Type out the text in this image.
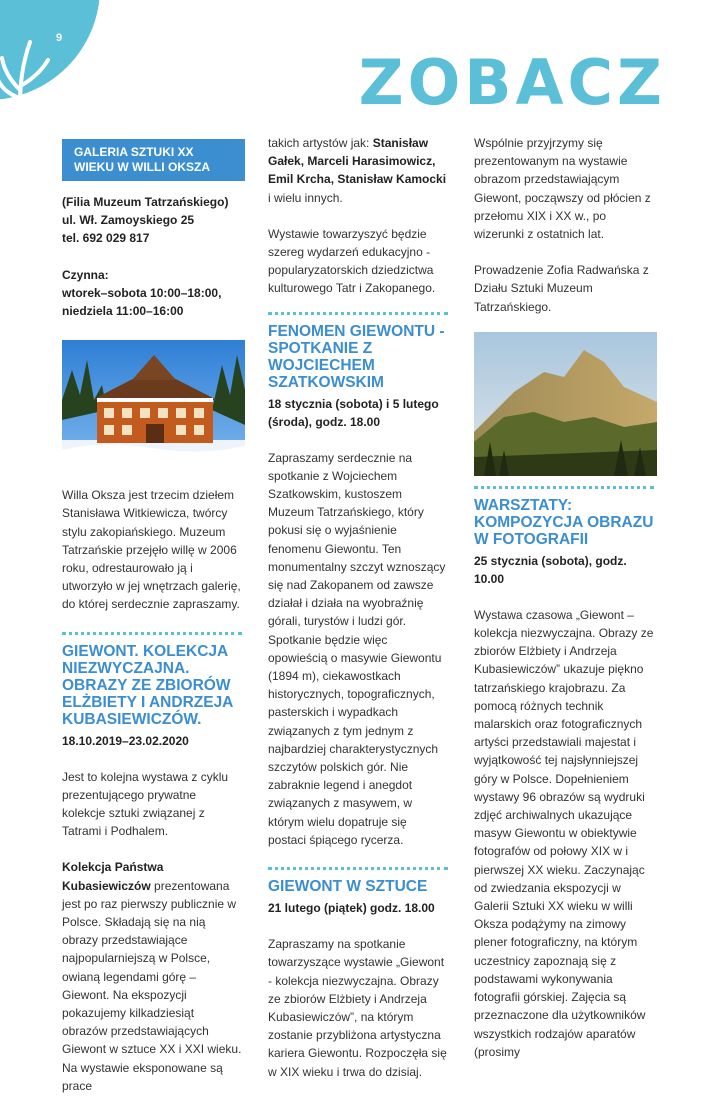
9
ZOBACZ
GALERIA SZTUKI XX WIEKU W WILLI OKSZA

(Filia Muzeum Tatrzańskiego)
ul. Wł. Zamoyskiego 25
tel. 692 029 817

Czynna:
wtorek–sobota 10:00–18:00,
niedziela 11:00–16:00

Willa Oksza jest trzecim dziełem Stanisława Witkiewicza, twórcy stylu zakopiańskiego. Muzeum Tatrzańskie przejęło willę w 2006 roku, odrestaurowało ją i utworzyło w jej wnętrzach galerię, do której serdecznie zapraszamy.

GIEWONT. KOLEKCJA NIEZWYCZAJNA. OBRAZY ZE ZBIORÓW ELŻBIETY I ANDRZEJA KUBASIEWICZÓW.
18.10.2019–23.02.2020

Jest to kolejna wystawa z cyklu prezentującego prywatne kolekcje sztuki związanej z Tatrami i Podhalem.

Kolekcja Państwa Kubasiewiczów prezentowana jest po raz pierwszy publicznie w Polsce. Składają się na nią obrazy przedstawiające najpopularniejszą w Polsce, owianą legendami górę – Giewont. Na ekspozycji pokazujemy kilkadziesiąt obrazów przedstawiających Giewont w sztuce XX i XXI wieku. Na wystawie eksponowane są prace

takich artystów jak: Stanisław Gałek, Marceli Harasimowicz, Emil Krcha, Stanisław Kamocki i wielu innych.

Wystawie towarzyszyć będzie szereg wydarzeń edukacyjno -popularyzatorskich dziedzictwa kulturowego Tatr i Zakopanego.

FENOMEN GIEWONTU - SPOTKANIE Z WOJCIECHEM SZATKOWSKIM
18 stycznia (sobota) i 5 lutego (środa), godz. 18.00

Zapraszamy serdecznie na spotkanie z Wojciechem Szatkowskim, kustoszem Muzeum Tatrzańskiego, który pokusi się o wyjaśnienie fenomenu Giewontu. Ten monumentalny szczyt wznoszący się nad Zakopanem od zawsze działał i działa na wyobraźnię górali, turystów i ludzi gór. Spotkanie będzie więc opowieścią o masywie Giewontu (1894 m), ciekawostkach historycznych, topograficznych, pasterskich i wypadkach związanych z tym jednym z najbardziej charakterystycznych szczytów polskich gór. Nie zabraknie legend i anegdot związanych z masywem, w którym wielu dopatruje się postaci śpiącego rycerza.

GIEWONT W SZTUCE
21 lutego (piątek) godz. 18.00

Zapraszamy na spotkanie towarzyszące wystawie „Giewont - kolekcja niezwyczajna. Obrazy ze zbiorów Elżbiety i Andrzeja Kubasiewiczów”, na którym zostanie przybliżona artystyczna kariera Giewontu. Rozpoczęła się w XIX wieku i trwa do dzisiaj.

Wspólnie przyjrzymy się prezentowanym na wystawie obrazom przedstawiającym Giewont, począwszy od płócien z przełomu XIX i XX w., po wizerunki z ostatnich lat.

Prowadzenie Zofia Radwańska z Działu Sztuki Muzeum Tatrzańskiego.

WARSZTATY: KOMPOZYCJA OBRAZU W FOTOGRAFII
25 stycznia (sobota), godz. 10.00

Wystawa czasowa „Giewont – kolekcja niezwyczajna. Obrazy ze zbiorów Elżbiety i Andrzeja Kubasiewiczów” ukazuje piękno tatrzańskiego krajobrazu. Za pomocą różnych technik malarskich oraz fotograficznych artyści przedstawiali majestat i wyjątkowość tej najsłynniejszej góry w Polsce. Dopełnieniem wystawy 96 obrazów są wydruki zdjęć archiwalnych ukazujące masyw Giewontu w obiektywie fotografów od połowy XIX w i pierwszej XX wieku. Zaczynając od zwiedzania ekspozycji w Galerii Sztuki XX wieku w willi Oksza podążymy na zimowy plener fotograficzny, na którym uczestnicy zapoznają się z podstawami wykonywania fotografii górskiej. Zajęcia są przeznaczone dla użytkowników wszystkich rodzajów aparatów (prosimy
